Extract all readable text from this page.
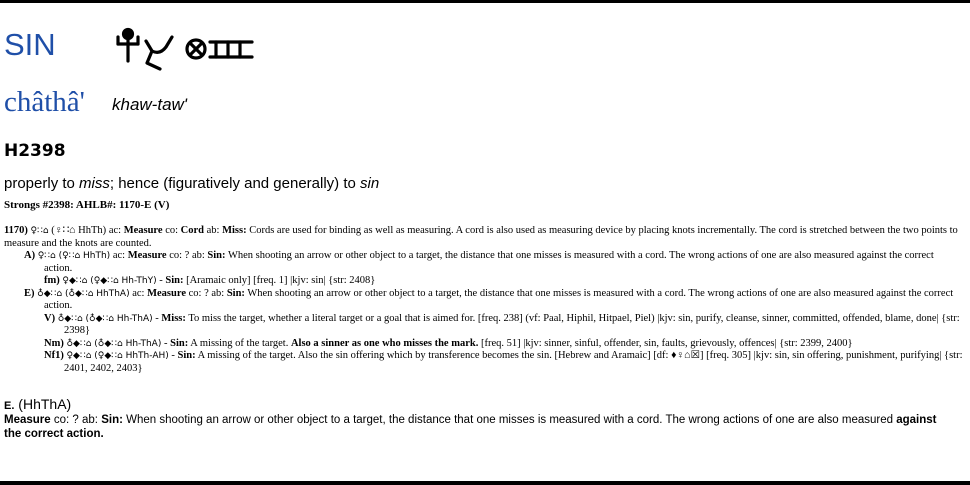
SIN
châthâ' khaw-taw'
H2398
properly to miss; hence (figuratively and generally) to sin
Strongs #2398: AHLB#: 1170-E (V)

1170) ♀∷⌂ (♀∷⌂ HhTh) ac: Measure co: Cord ab: Miss: Cords are used for binding as well as measuring. A cord is also used as measuring device by placing knots incrementally. The cord is stretched between the two points to measure and the knots are counted.

A) ♀∷⌂ (♀∷⌂ HhTh) ac: Measure co: ? ab: Sin: When shooting an arrow or other object to a target, the distance that one misses is measured with a cord. The wrong actions of one are also measured against the correct action.

fm) ♀◆∷⌂ (♀◆∷⌂ Hh-ThY) - Sin: [Aramaic only] [freq. 1] |kjv: sin| {str: 2408}

E) ♁◆∷⌂ (♁◆∷⌂ HhThA) ac: Measure co: ? ab: Sin: When shooting an arrow or other object to a target, the distance that one misses is measured with a cord. The wrong actions of one are also measured against the correct action.

V) ♁◆∷⌂ (♁◆∷⌂ Hh-ThA) - Miss: To miss the target, whether a literal target or a goal that is aimed for. [freq. 238] (vf: Paal, Hiphil, Hitpael, Piel) |kjv: sin, purify, cleanse, sinner, committed, offended, blame, done| {str: 2398}

Nm) ♁◆∷⌂ (♁◆∷⌂ Hh-ThA) - Sin: A missing of the target. Also a sinner as one who misses the mark. [freq. 51] |kjv: sinner, sinful, offender, sin, faults, grievously, offences| {str: 2399, 2400}

Nf1) ♀◆∷⌂ (♀◆∷⌂ HhTh-AH) - Sin: A missing of the target. Also the sin offering which by transference becomes the sin. [Hebrew and Aramaic] [df: ♦♀⌂☒] [freq. 305] |kjv: sin, sin offering, punishment, purifying| {str: 2401, 2402, 2403}

E. (HhThA)
Measure co: ? ab: Sin: When shooting an arrow or other object to a target, the distance that one misses is measured with a cord. The wrong actions of one are also measured against the correct action.
